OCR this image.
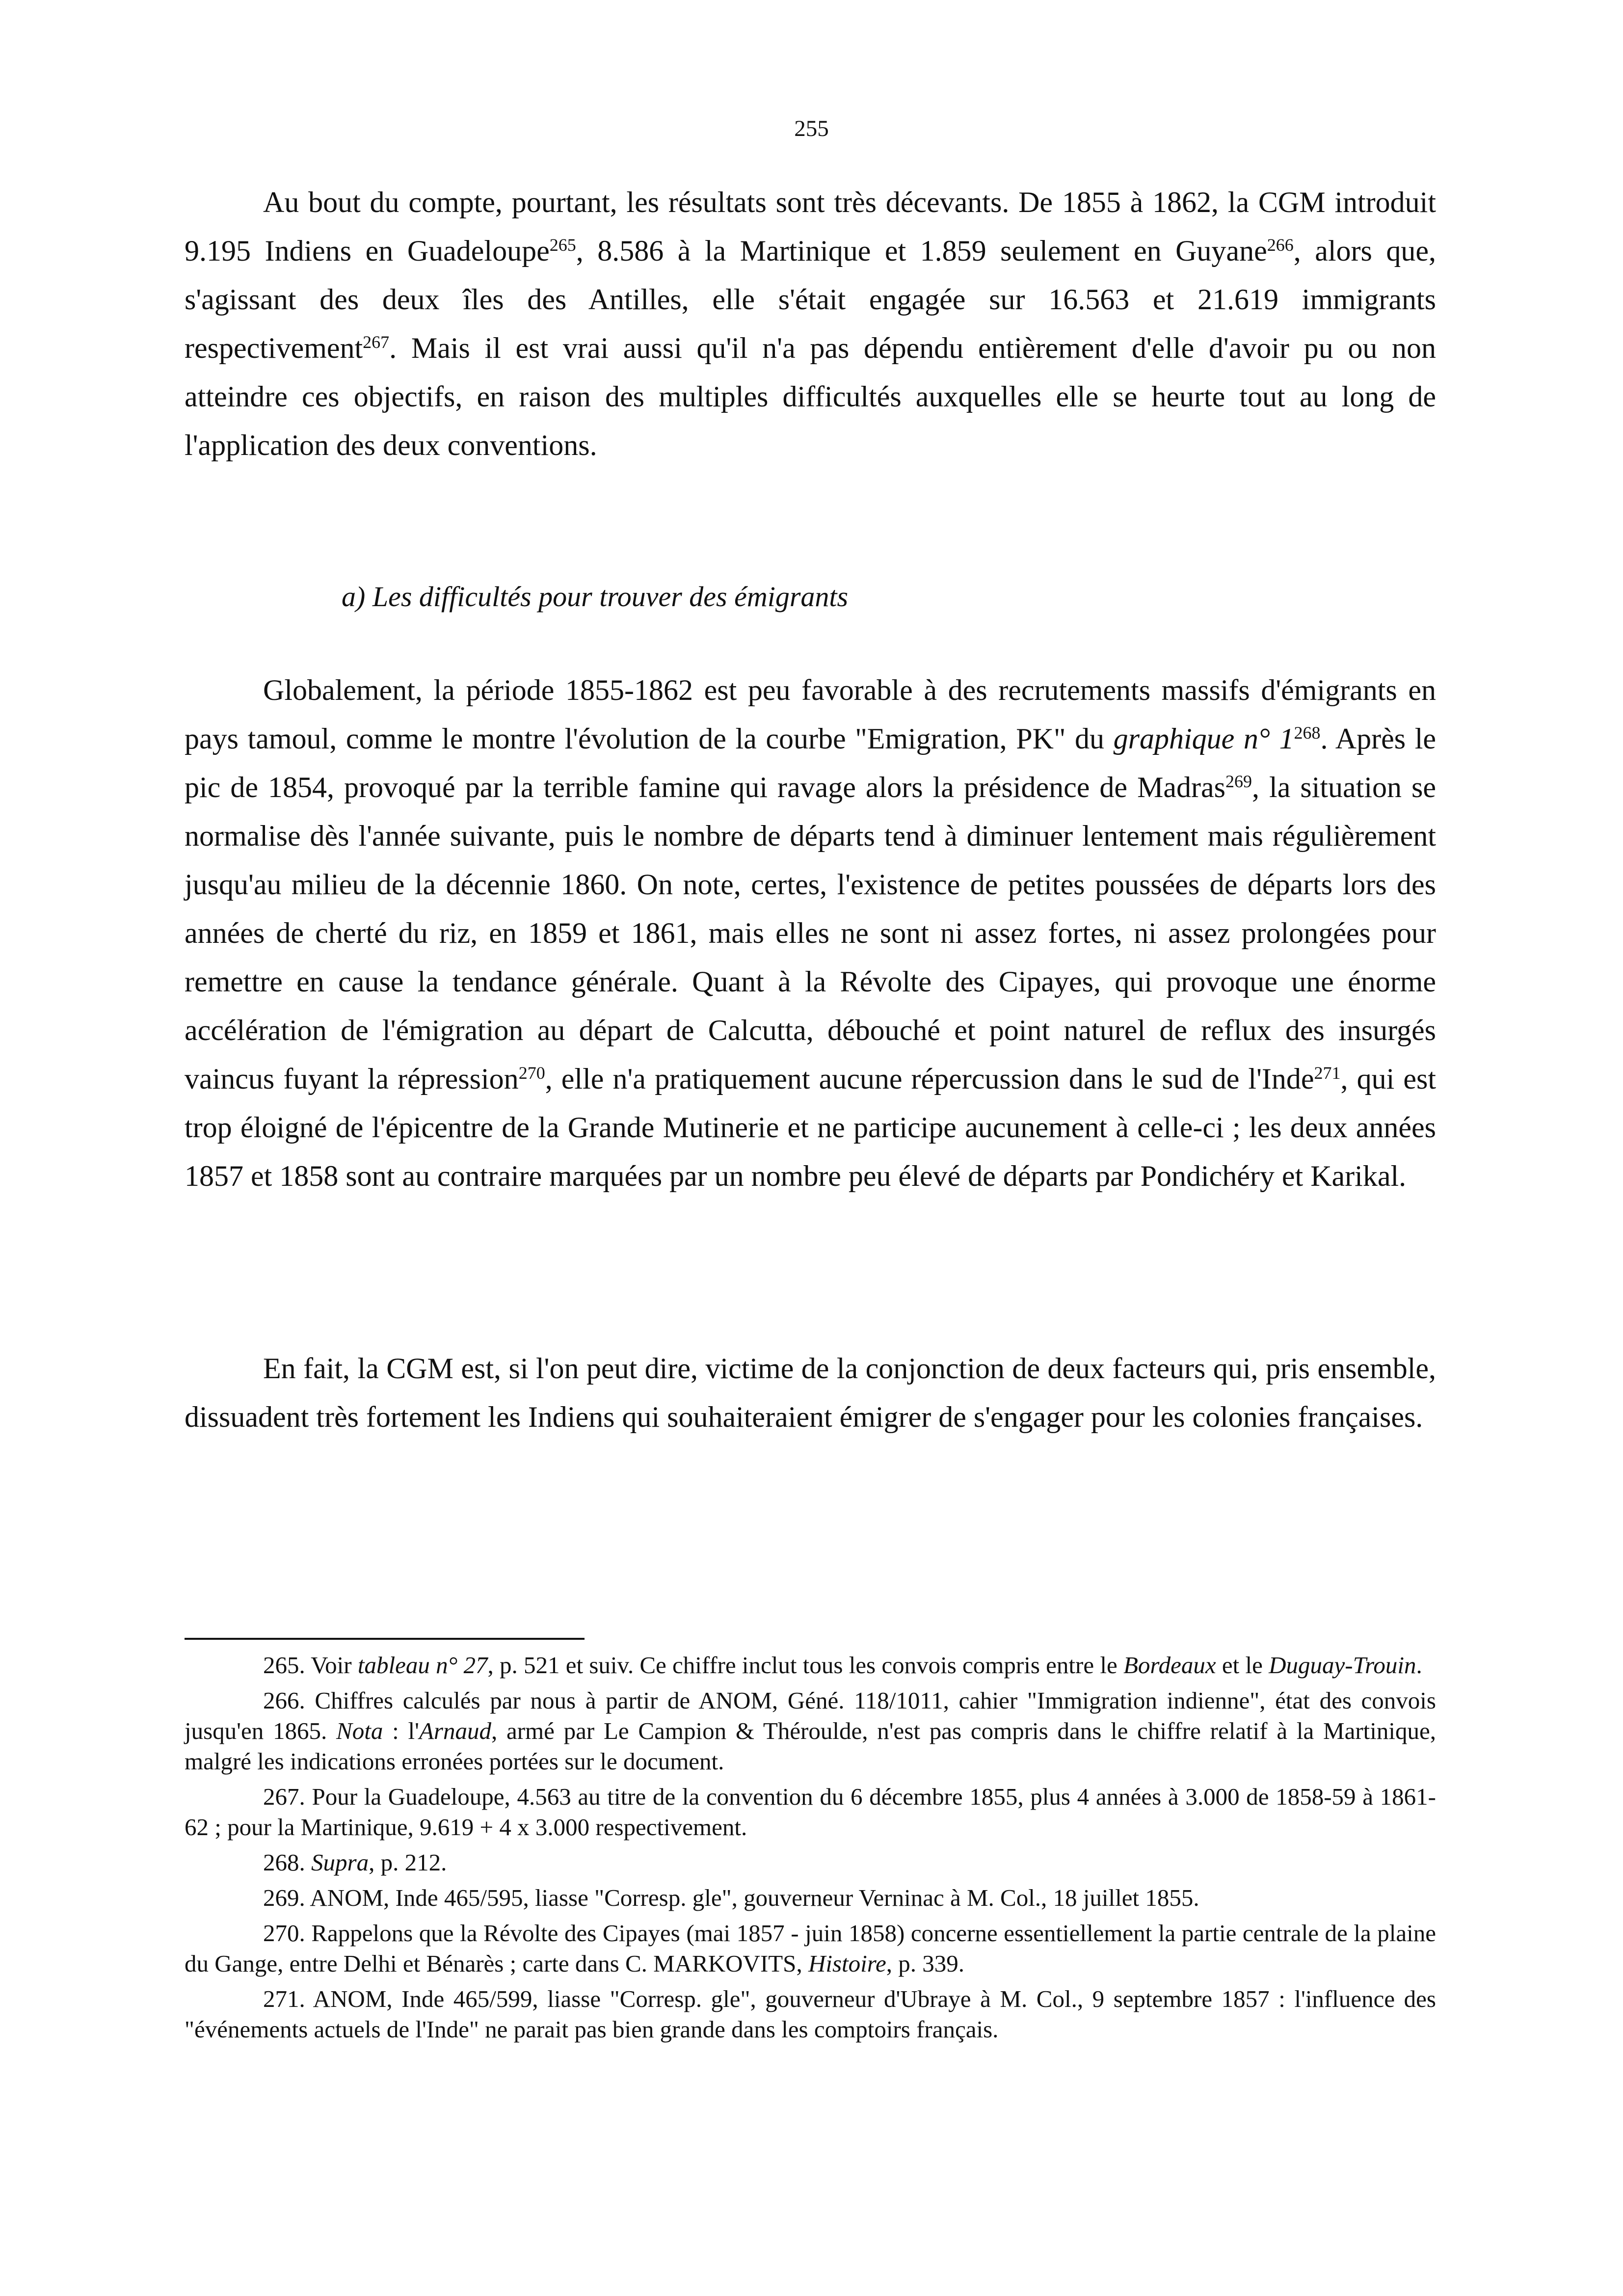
255

Au bout du compte, pourtant, les résultats sont très décevants. De 1855 à 1862, la CGM introduit 9.195 Indiens en Guadeloupe$^{265}$, 8.586 à la Martinique et 1.859 seulement en Guyane$^{266}$, alors que, s'agissant des deux îles des Antilles, elle s'était engagée sur 16.563 et 21.619 immigrants respectivement$^{267}$. Mais il est vrai aussi qu'il n'a pas dépendu entièrement d'elle d'avoir pu ou non atteindre ces objectifs, en raison des multiples difficultés auxquelles elle se heurte tout au long de l'application des deux conventions.

a) Les difficultés pour trouver des émigrants

Globalement, la période 1855-1862 est peu favorable à des recrutements massifs d'émigrants en pays tamoul, comme le montre l'évolution de la courbe "Emigration, PK" du graphique n° $1^{268}$. Après le pic de 1854, provoqué par la terrible famine qui ravage alors la présidence de Madras$^{269}$, la situation se normalise dès l'année suivante, puis le nombre de départs tend à diminuer lentement mais régulièrement jusqu'au milieu de la décennie 1860. On note, certes, l'existence de petites poussées de départs lors des années de cherté du riz, en 1859 et 1861, mais elles ne sont ni assez fortes, ni assez prolongées pour remettre en cause la tendance générale. Quant à la Révolte des Cipayes, qui provoque une énorme accélération de l'émigration au départ de Calcutta, débouché et point naturel de reflux des insurgés vaincus fuyant la répression$^{270}$, elle n'a pratiquement aucune répercussion dans le sud de l'Inde$^{271}$, qui est trop éloigné de l'épicentre de la Grande Mutinerie et ne participe aucunement à celle-ci ; les deux années 1857 et 1858 sont au contraire marquées par un nombre peu élevé de départs par Pondichéry et Karikal.

En fait, la CGM est, si l'on peut dire, victime de la conjonction de deux facteurs qui, pris ensemble, dissuadent très fortement les Indiens qui souhaiteraient émigrer de s'engager pour les colonies françaises.

265. Voir tableau n° 27, p. 521 et suiv. Ce chiffre inclut tous les convois compris entre le Bordeaux et le Duguay-Trouin.

266. Chiffres calculés par nous à partir de ANOM, Géné. 118/1011, cahier "Immigration indienne", état des convois jusqu'en 1865. Nota : l'Arnaud, armé par Le Campion & Théroulde, n'est pas compris dans le chiffre relatif à la Martinique, malgré les indications erronées portées sur le document.

267. Pour la Guadeloupe, 4.563 au titre de la convention du 6 décembre 1855, plus 4 années à 3.000 de 1858-59 à 1861-62 ; pour la Martinique, 9.619 + 4 x 3.000 respectivement.

268. Supra, p. 212.

269. ANOM, Inde 465/595, liasse "Corresp. gle", gouverneur Verninac à M. Col., 18 juillet 1855.

270. Rappelons que la Révolte des Cipayes (mai 1857 - juin 1858) concerne essentiellement la partie centrale de la plaine du Gange, entre Delhi et Bénarès ; carte dans C. MARKOVITS, Histoire, p. 339.

271. ANOM, Inde 465/599, liasse "Corresp. gle", gouverneur d'Ubraye à M. Col., 9 septembre 1857 : l'influence des "événements actuels de l'Inde" ne parait pas bien grande dans les comptoirs français.
